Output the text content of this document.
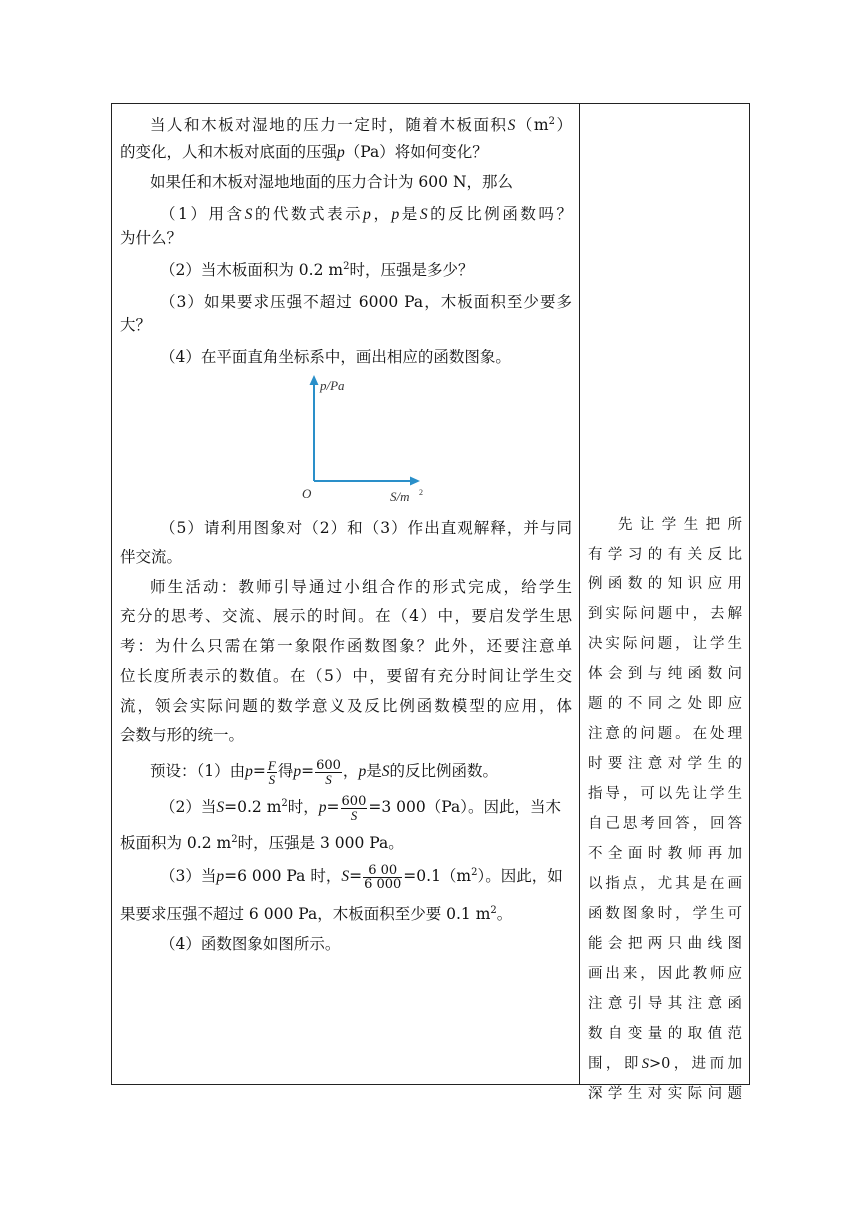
当人和木板对湿地的压力一定时，随着木板面积$S(m^2)$
的变化，人和木板对底面的压强p（Pa）将如何变化？
如果任和木板对湿地地面的压力合计为 600 N，那么
（1）用含S的代数式表示p，p是S的反比例函数吗？
为什么？
（2）当木板面积为 0.2 $m^2$时，压强是多少？
（3）如果要求压强不超过 6000 Pa，木板面积至少要多
大？
（4）在平面直角坐标系中，画出相应的函数图象。
p/Pa
O	S/m 2
（5）请利用图象对（2）和（3）作出直观解释，并与同
伴交流。
师生活动：教师引导通过小组合作的形式完成，给学生
充分的思考、交流、展示的时间。在（4）中，要启发学生思
考：为什么只需在第一象限作函数图象？此外，还要注意单
位长度所表示的数值。在（5）中，要留有充分时间让学生交
流，领会实际问题的数学意义及反比例函数模型的应用，体
会数与形的统一。
预设：（1）由$p= \frac{F}{S}$ 得$p= \frac{600}{S}$ ，p是S的反比例函数。
（2）当S=0.2 $m^2$时，$p= \frac{600}{S} =3$ 000（Pa）。因此，当木
板面积为 0.2 $m^2$时，压强是 3 000 Pa。
（3）当p=6 000 Pa 时，$S= \frac{6 00}{6 000} =0.1(m^2)$。因此，如
果要求压强不超过 6 000 Pa，木板面积至少要 0.1 $m^2$。
（4）函数图象如图所示。
先让学生把所
有学习的有关反比
例函数的知识应用
到实际问题中，去解
决实际问题，让学生
体会到与纯函数问
题的不同之处即应
注意的问题。在处理
时要注意对学生的
指导，可以先让学生
自己思考回答，回答
不全面时教师再加
以指点，尤其是在画
函数图象时，学生可
能会把两只曲线图
画出来，因此教师应
注意引导其注意函
数自变量的取值范
围，即S>0，进而加
深学生对实际问题
